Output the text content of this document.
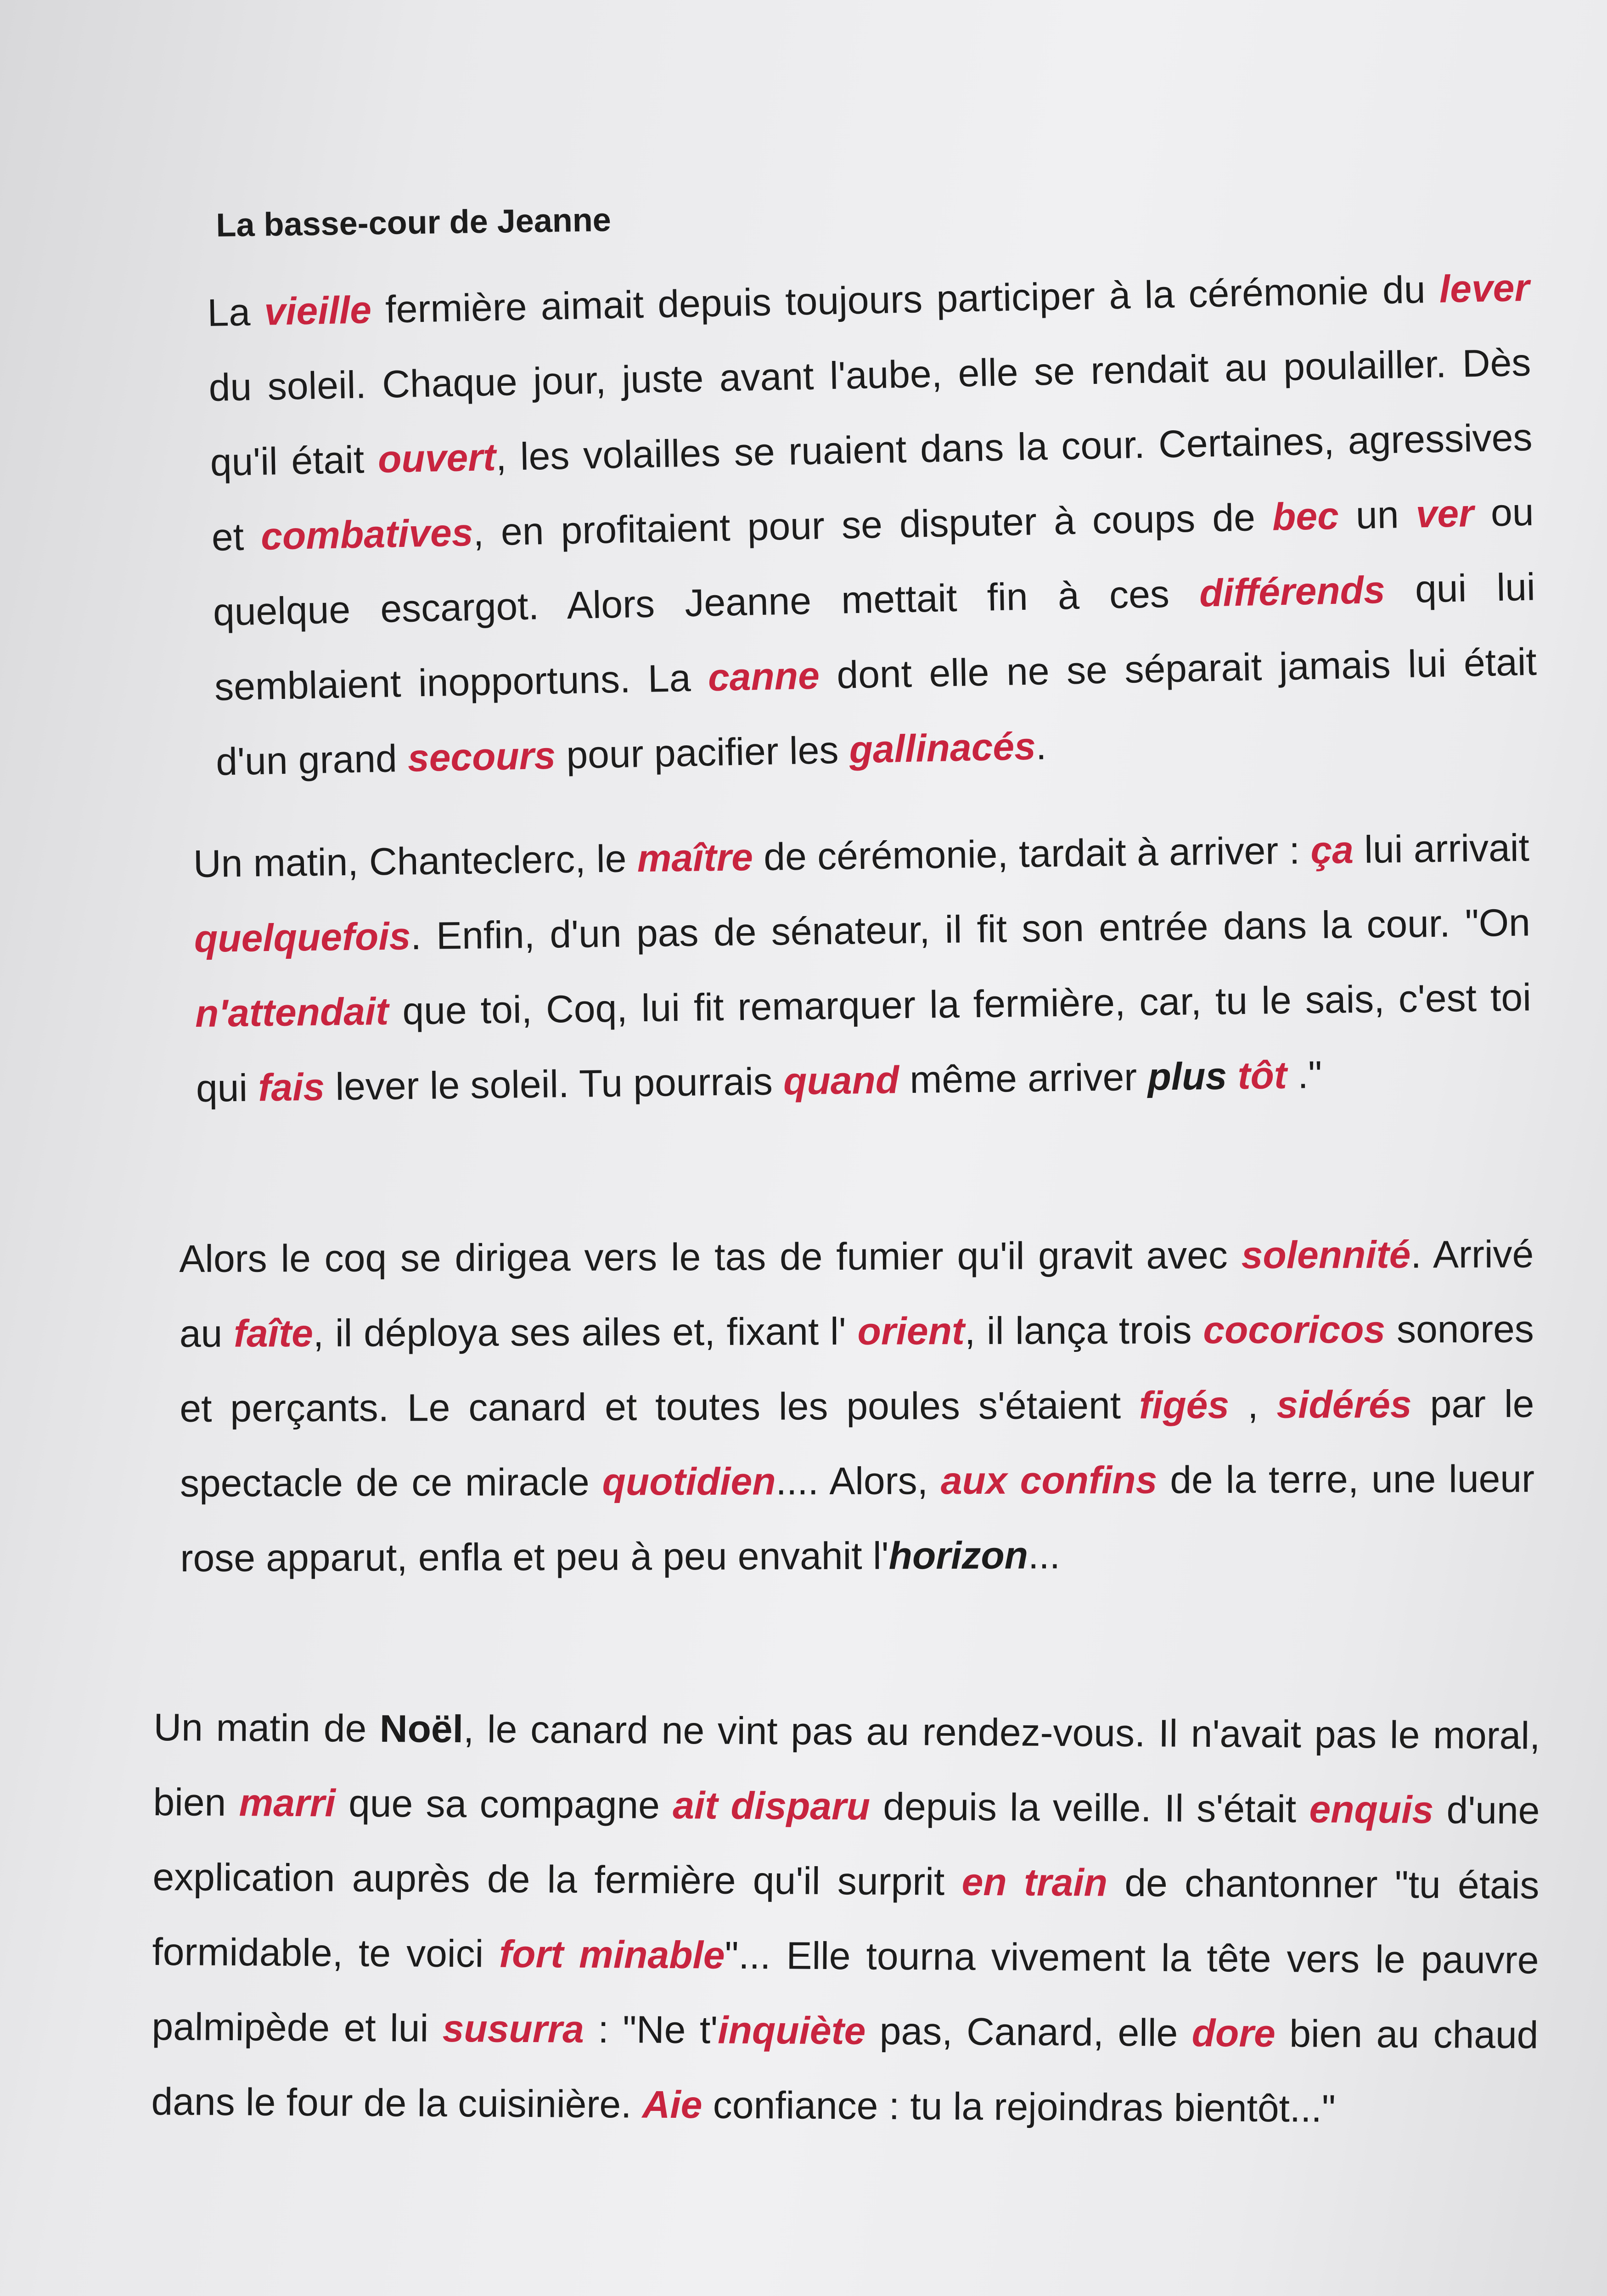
La basse-cour de Jeanne

La vieille fermière aimait depuis toujours participer à la cérémonie du lever du soleil. Chaque jour, juste avant l'aube, elle se rendait au poulailler. Dès qu'il était ouvert, les volailles se ruaient dans la cour. Certaines, agressives et combatives, en profitaient pour se disputer à coups de bec un ver ou quelque escargot. Alors Jeanne mettait fin à ces différends qui lui semblaient inopportuns. La canne dont elle ne se séparait jamais lui était d'un grand secours pour pacifier les gallinacés.

Un matin, Chanteclerc, le maître de cérémonie, tardait à arriver : ça lui arrivait quelquefois. Enfin, d'un pas de sénateur, il fit son entrée dans la cour. "On n'attendait que toi, Coq, lui fit remarquer la fermière, car, tu le sais, c'est toi qui fais lever le soleil. Tu pourrais quand même arriver plus tôt ."

Alors le coq se dirigea vers le tas de fumier qu'il gravit avec solennité. Arrivé au faîte, il déploya ses ailes et, fixant l' orient, il lança trois cocoricos sonores et perçants. Le canard et toutes les poules s'étaient figés , sidérés par le spectacle de ce miracle quotidien.... Alors, aux confins de la terre, une lueur rose apparut, enfla et peu à peu envahit l'horizon...

Un matin de Noël, le canard ne vint pas au rendez-vous. Il n'avait pas le moral, bien marri que sa compagne ait disparu depuis la veille. Il s'était enquis d'une explication auprès de la fermière qu'il surprit en train de chantonner "tu étais formidable, te voici fort minable"... Elle tourna vivement la tête vers le pauvre palmipède et lui susurra : "Ne t'inquiète pas, Canard, elle dore bien au chaud dans le four de la cuisinière. Aie confiance : tu la rejoindras bientôt..."
